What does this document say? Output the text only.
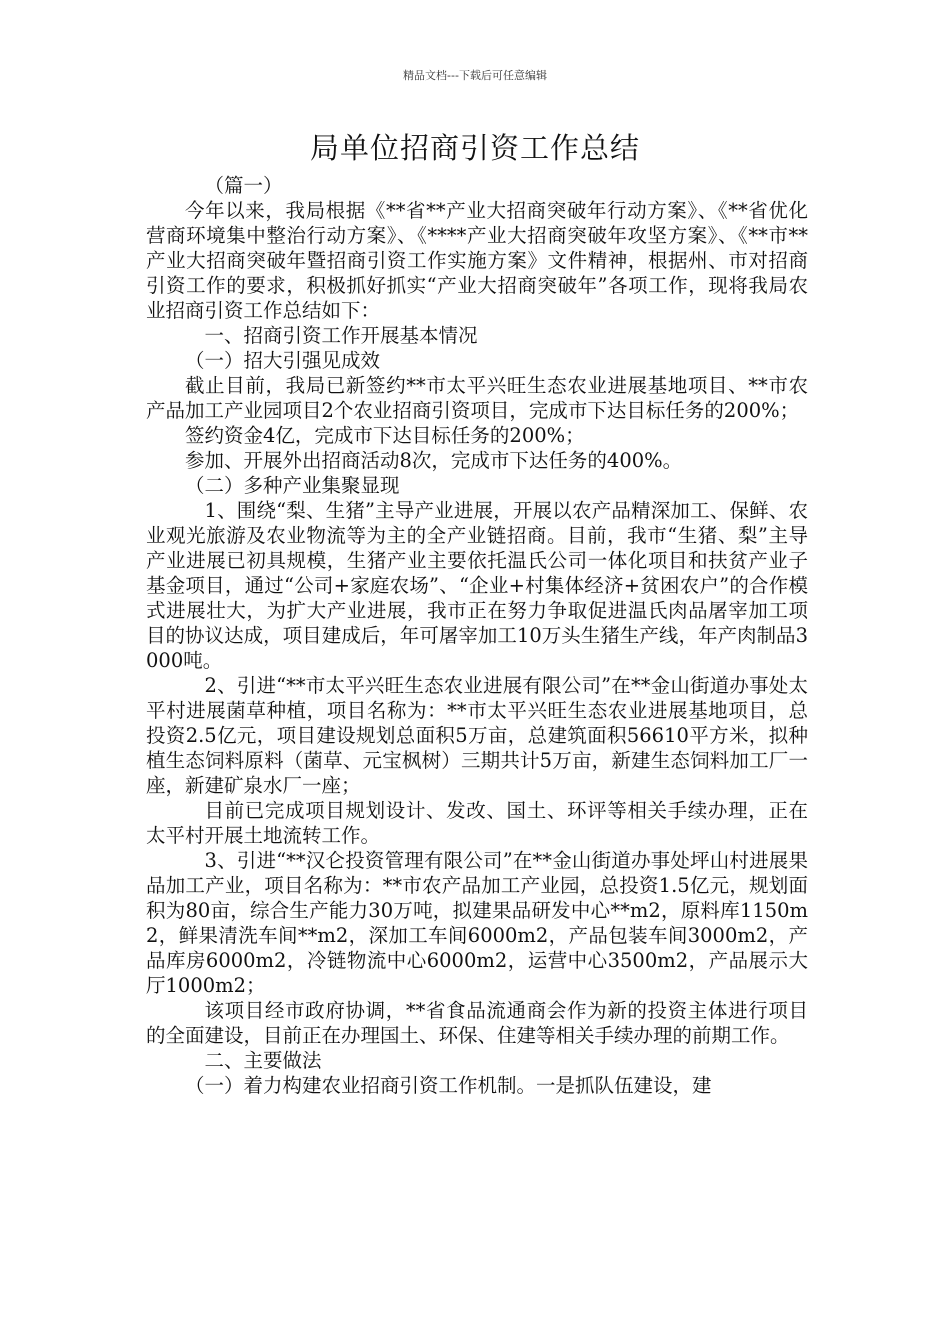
精品文档---下载后可任意编辑
局单位招商引资工作总结

（篇一）

今年以来，我局根据《**省**产业大招商突破年行动方案》、《**省优化营商环境集中整治行动方案》、《****产业大招商突破年攻坚方案》、《**市**产业大招商突破年暨招商引资工作实施方案》文件精神，根据州、市对招商引资工作的要求，积极抓好抓实“产业大招商突破年”各项工作，现将我局农业招商引资工作总结如下：

一、招商引资工作开展基本情况

（一）招大引强见成效

截止目前，我局已新签约**市太平兴旺生态农业进展基地项目、**市农产品加工产业园项目2个农业招商引资项目，完成市下达目标任务的200%；

签约资金4亿，完成市下达目标任务的200%；

参加、开展外出招商活动8次，完成市下达任务的400%。

（二）多种产业集聚显现

1、围绕“梨、生猪”主导产业进展，开展以农产品精深加工、保鲜、农业观光旅游及农业物流等为主的全产业链招商。目前，我市“生猪、梨”主导产业进展已初具规模，生猪产业主要依托温氏公司一体化项目和扶贫产业子基金项目，通过“公司+家庭农场”、“企业+村集体经济+贫困农户”的合作模式进展壮大，为扩大产业进展，我市正在努力争取促进温氏肉品屠宰加工项目的协议达成，项目建成后，年可屠宰加工10万头生猪生产线，年产肉制品3000吨。

2、引进“**市太平兴旺生态农业进展有限公司”在**金山街道办事处太平村进展菌草种植，项目名称为：**市太平兴旺生态农业进展基地项目，总投资2.5亿元，项目建设规划总面积5万亩，总建筑面积56610平方米，拟种植生态饲料原料（菌草、元宝枫树）三期共计5万亩，新建生态饲料加工厂一座，新建矿泉水厂一座；

目前已完成项目规划设计、发改、国土、环评等相关手续办理，正在太平村开展土地流转工作。

3、引进“**汉仑投资管理有限公司”在**金山街道办事处坪山村进展果品加工产业，项目名称为：**市农产品加工产业园，总投资1.5亿元，规划面积为80亩，综合生产能力30万吨，拟建果品研发中心**m2，原料库1150m2，鲜果清洗车间**m2，深加工车间6000m2，产品包装车间3000m2，产品库房6000m2，冷链物流中心6000m2，运营中心3500m2，产品展示大厅1000m2；

该项目经市政府协调，**省食品流通商会作为新的投资主体进行项目的全面建设，目前正在办理国土、环保、住建等相关手续办理的前期工作。

二、主要做法

（一）着力构建农业招商引资工作机制。一是抓队伍建设，建
